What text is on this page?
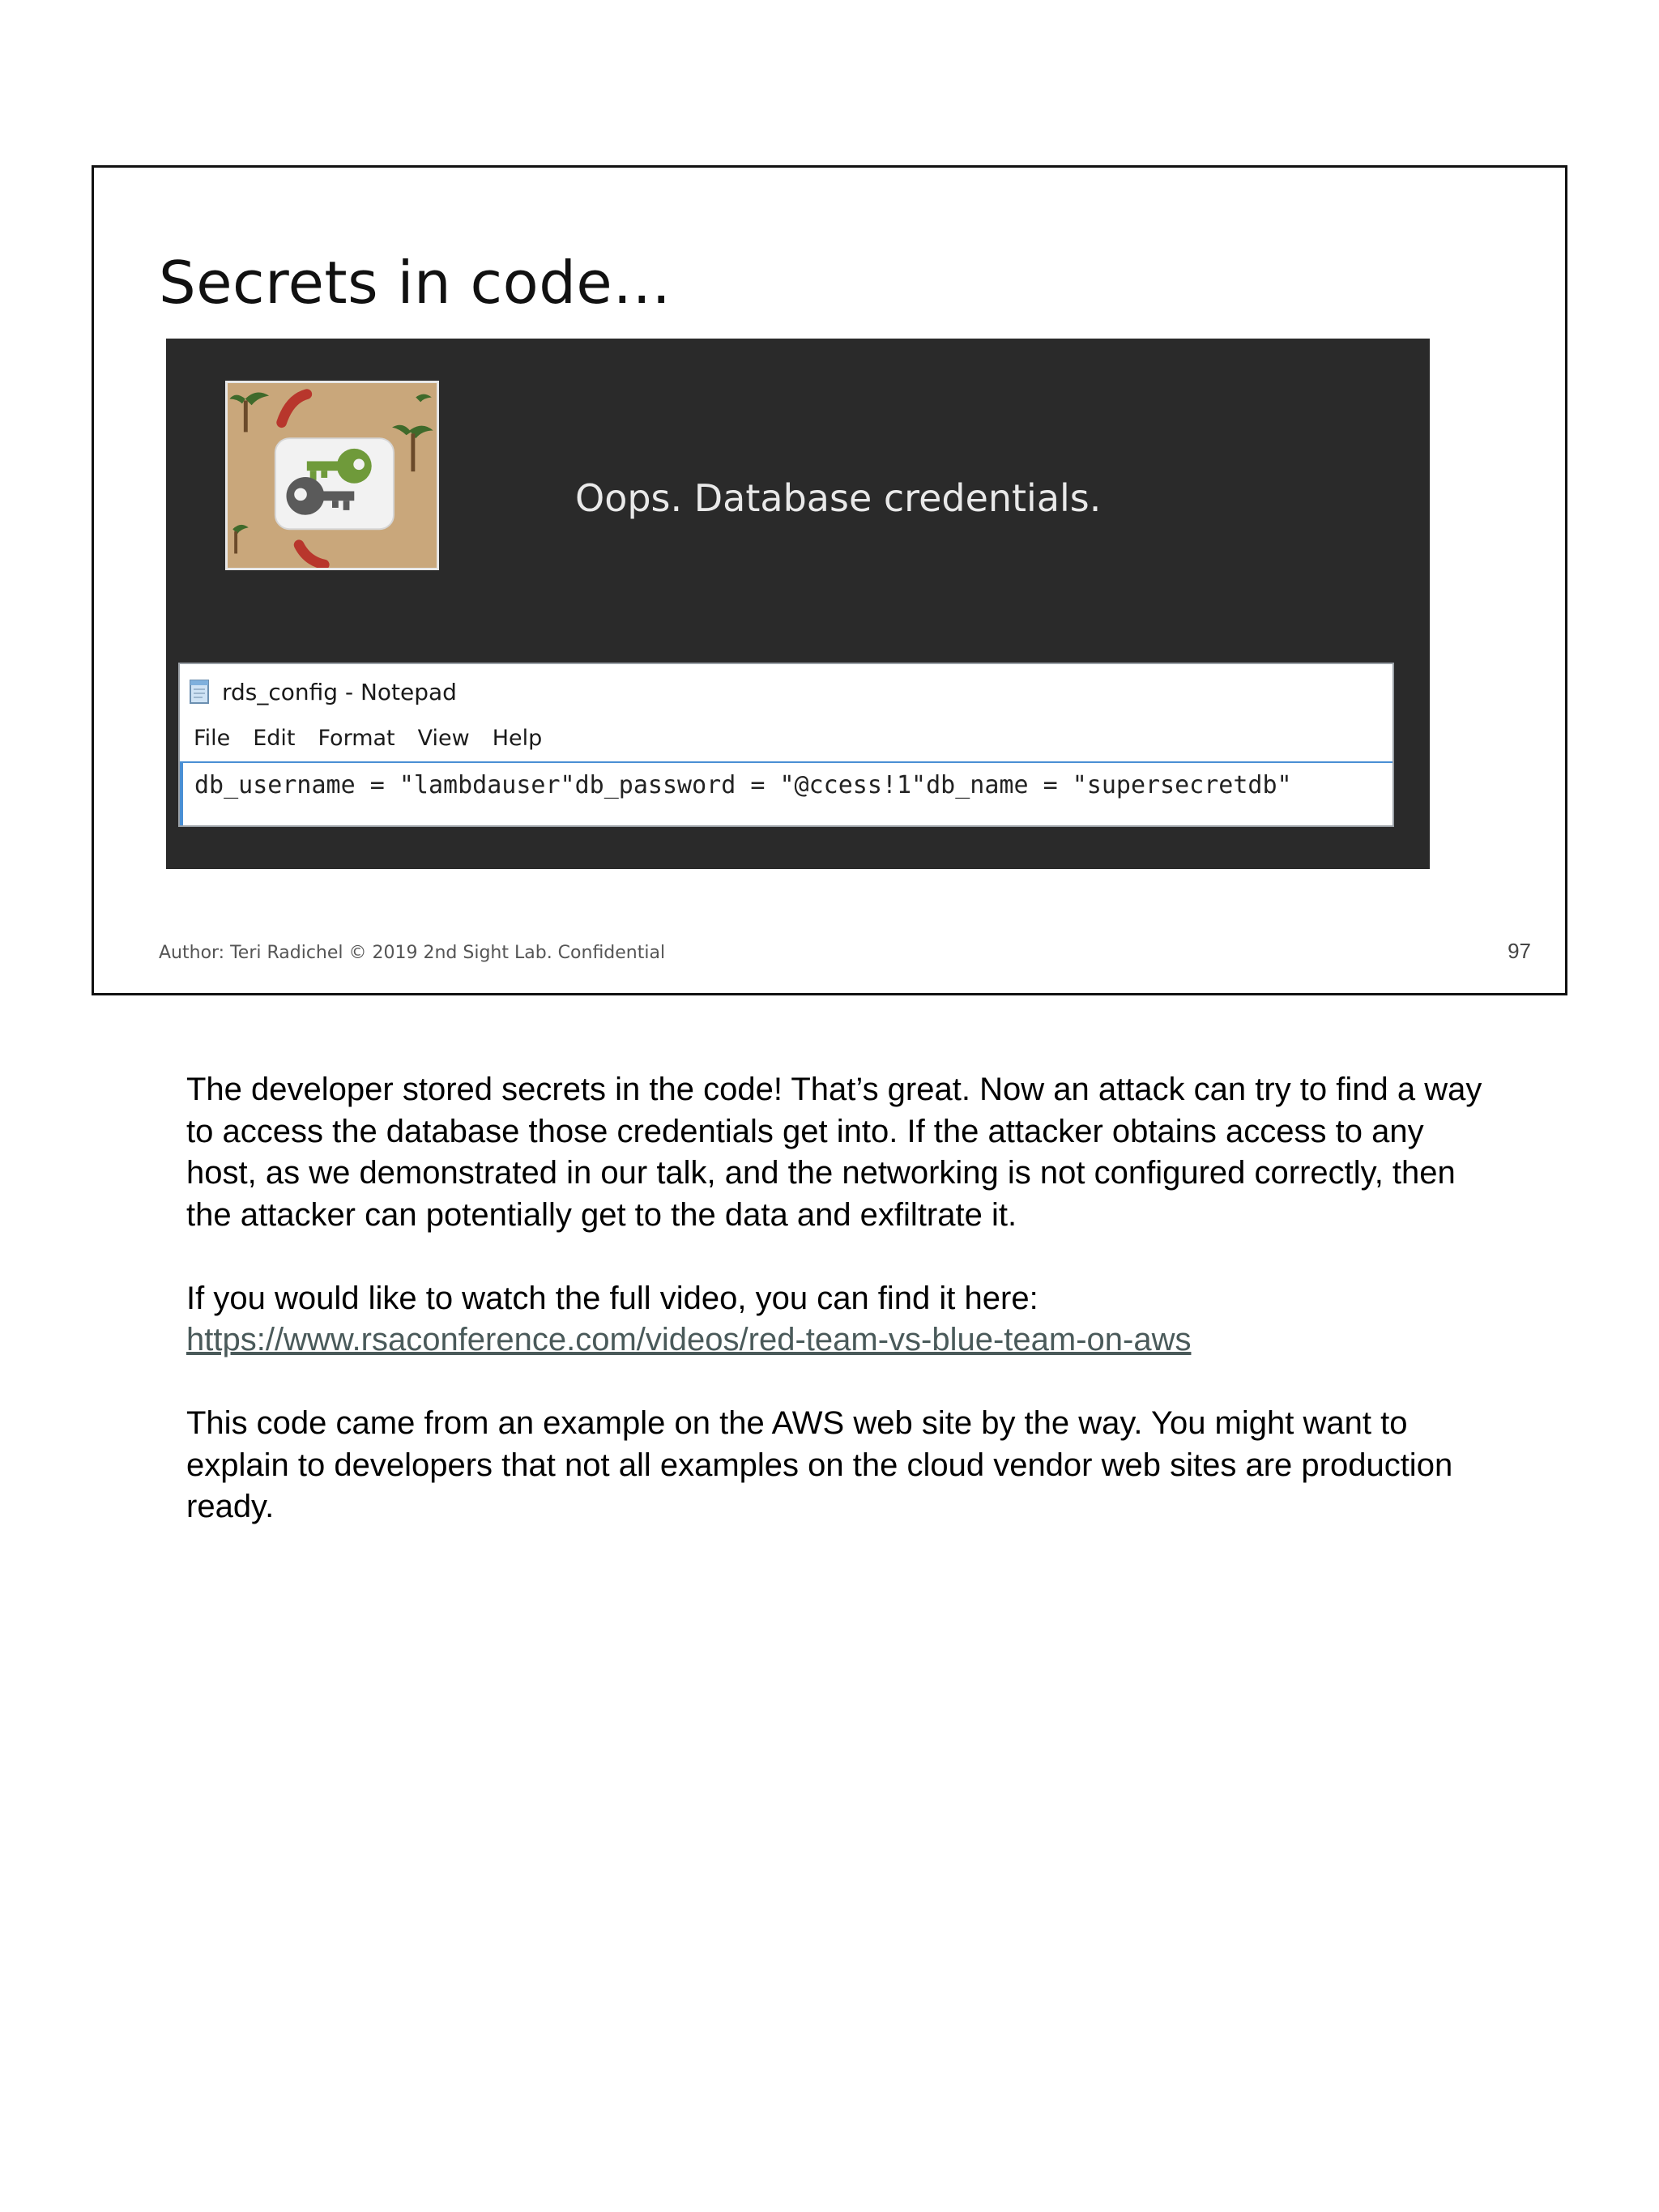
Secrets in code…
Oops. Database credentials.
rds_config - Notepad
File Edit Format View Help
db_username = "lambdauser"db_password = "@ccess!1"db_name = "supersecretdb"
Author: Teri Radichel © 2019 2nd Sight Lab. Confidential	97

The developer stored secrets in the code! That’s great. Now an attack can try to find a way to access the database those credentials get into. If the attacker obtains access to any host, as we demonstrated in our talk, and the networking is not configured correctly, then the attacker can potentially get to the data and exfiltrate it.

If you would like to watch the full video, you can find it here:
https://www.rsaconference.com/videos/red-team-vs-blue-team-on-aws

This code came from an example on the AWS web site by the way. You might want to explain to developers that not all examples on the cloud vendor web sites are production ready.
